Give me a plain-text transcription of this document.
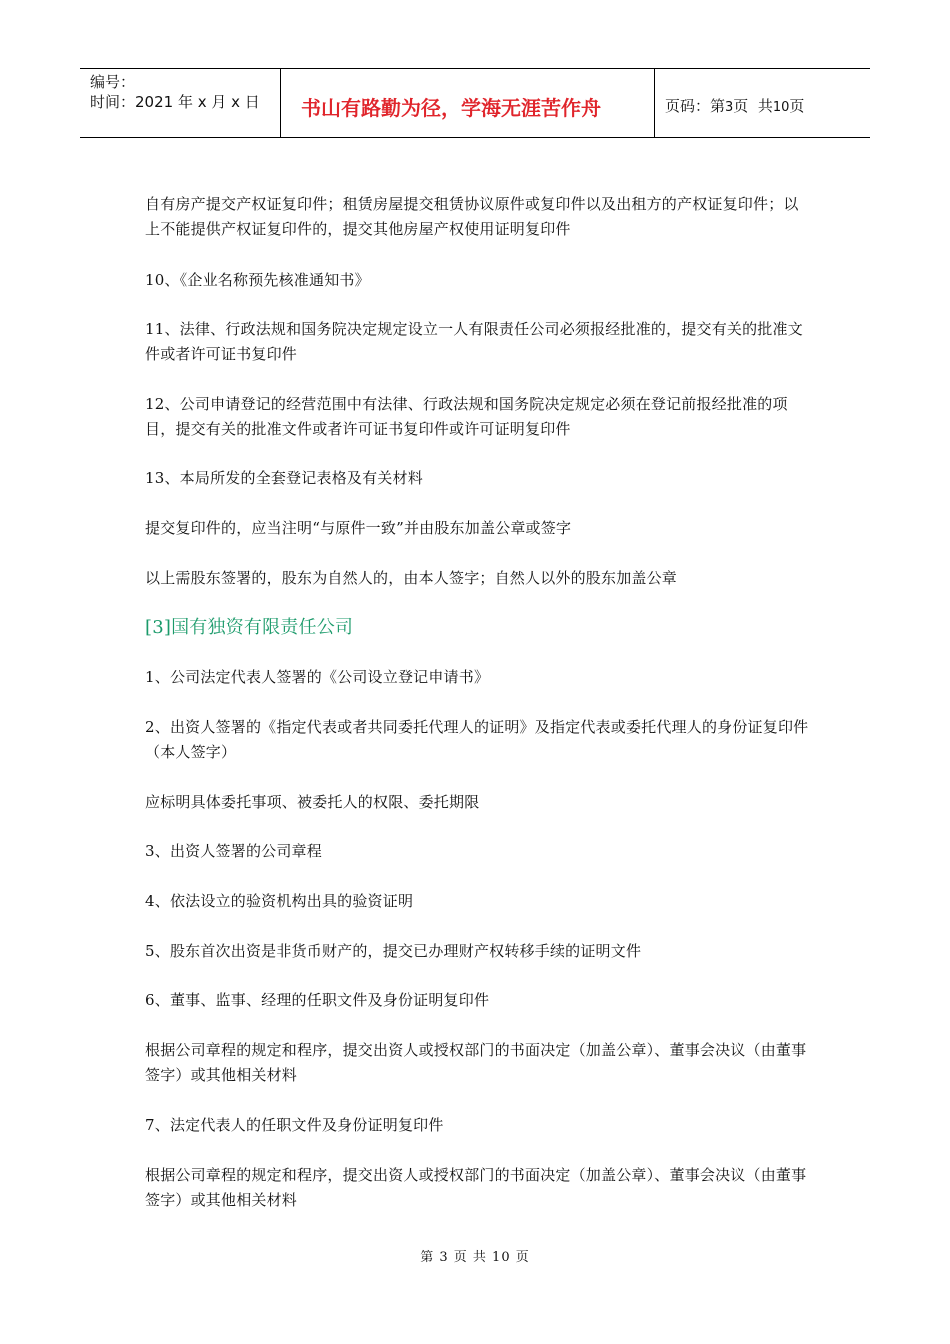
编号：
时间：2021 年 x 月 x 日 书山有路勤为径，学海无涯苦作舟	页码：第3页  共10页
自有房产提交产权证复印件；租赁房屋提交租赁协议原件或复印件以及出租方的产权证复印件；以上不能提供产权证复印件的，提交其他房屋产权使用证明复印件
10、《企业名称预先核准通知书》
11、法律、行政法规和国务院决定规定设立一人有限责任公司必须报经批准的，提交有关的批准文件或者许可证书复印件
12、公司申请登记的经营范围中有法律、行政法规和国务院决定规定必须在登记前报经批准的项目，提交有关的批准文件或者许可证书复印件或许可证明复印件
13、本局所发的全套登记表格及有关材料
提交复印件的，应当注明“与原件一致”并由股东加盖公章或签字
以上需股东签署的，股东为自然人的，由本人签字；自然人以外的股东加盖公章
[3]国有独资有限责任公司
1、公司法定代表人签署的《公司设立登记申请书》
2、出资人签署的《指定代表或者共同委托代理人的证明》及指定代表或委托代理人的身份证复印件（本人签字）
应标明具体委托事项、被委托人的权限、委托期限
3、出资人签署的公司章程
4、依法设立的验资机构出具的验资证明
5、股东首次出资是非货币财产的，提交已办理财产权转移手续的证明文件
6、董事、监事、经理的任职文件及身份证明复印件
根据公司章程的规定和程序，提交出资人或授权部门的书面决定（加盖公章）、董事会决议（由董事签字）或其他相关材料
7、法定代表人的任职文件及身份证明复印件
根据公司章程的规定和程序，提交出资人或授权部门的书面决定（加盖公章）、董事会决议（由董事签字）或其他相关材料
第 3 页 共 10 页
